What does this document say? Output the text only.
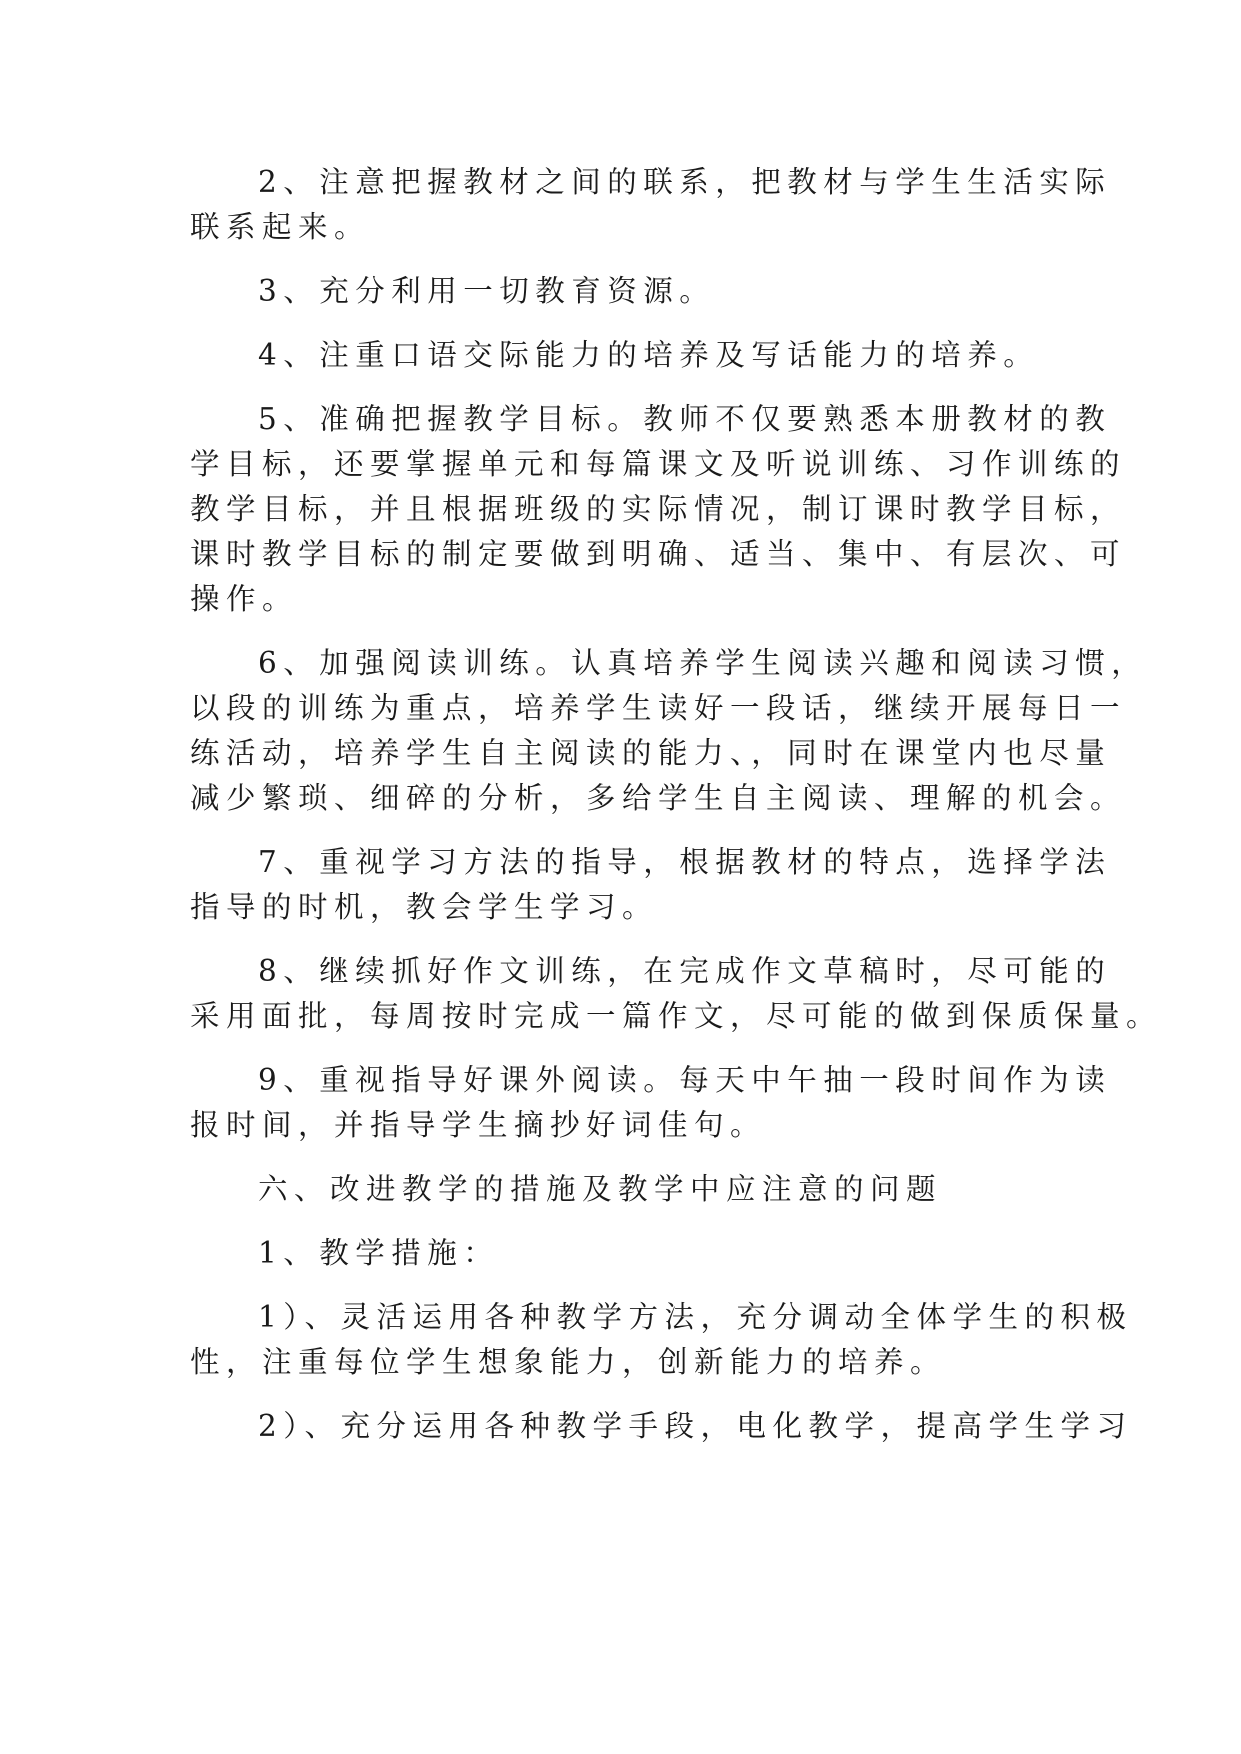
2、注意把握教材之间的联系，把教材与学生生活实际
联系起来。

3、充分利用一切教育资源。

4、注重口语交际能力的培养及写话能力的培养。

5、准确把握教学目标。教师不仅要熟悉本册教材的教
学目标，还要掌握单元和每篇课文及听说训练、习作训练的
教学目标，并且根据班级的实际情况，制订课时教学目标，
课时教学目标的制定要做到明确、适当、集中、有层次、可
操作。

6、加强阅读训练。认真培养学生阅读兴趣和阅读习惯，
以段的训练为重点，培养学生读好一段话，继续开展每日一
练活动，培养学生自主阅读的能力、，同时在课堂内也尽量
减少繁琐、细碎的分析，多给学生自主阅读、理解的机会。

7、重视学习方法的指导，根据教材的特点，选择学法
指导的时机，教会学生学习。

8、继续抓好作文训练，在完成作文草稿时，尽可能的
采用面批，每周按时完成一篇作文，尽可能的做到保质保量。

9、重视指导好课外阅读。每天中午抽一段时间作为读
报时间，并指导学生摘抄好词佳句。

六、改进教学的措施及教学中应注意的问题

1、教学措施：

1）、灵活运用各种教学方法，充分调动全体学生的积极
性，注重每位学生想象能力，创新能力的培养。

2）、充分运用各种教学手段，电化教学，提高学生学习
